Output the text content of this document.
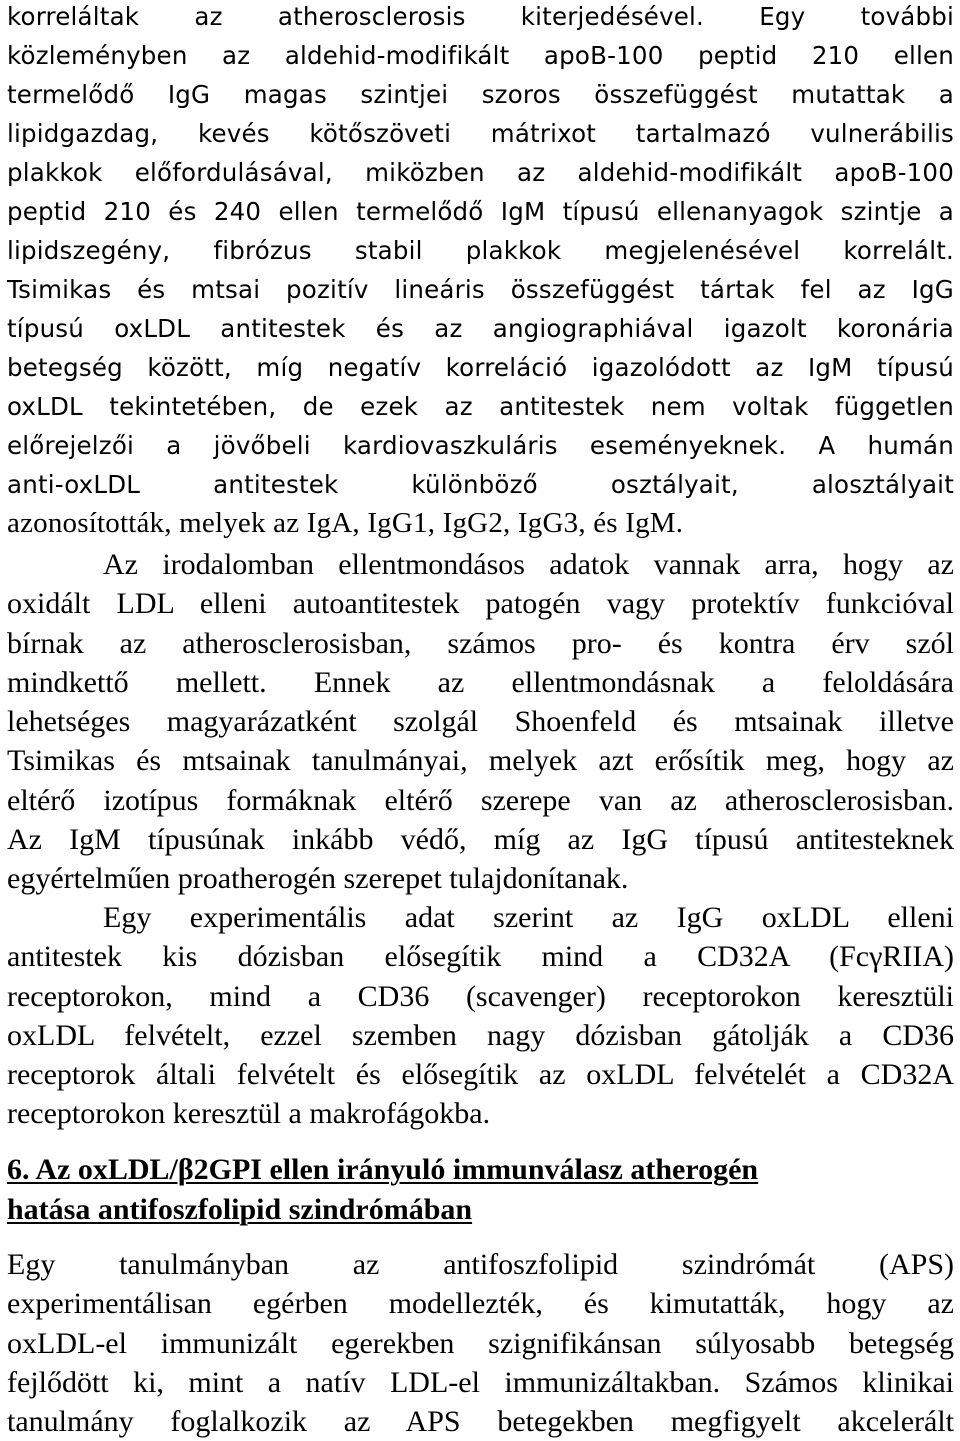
korreláltak az atherosclerosis kiterjedésével. Egy további
közleményben az aldehid-modifikált apoB-100 peptid 210 ellen
termelődő IgG magas szintjei szoros összefüggést mutattak a
lipidgazdag, kevés kötőszöveti mátrixot tartalmazó vulnerábilis
plakkok előfordulásával, miközben az aldehid-modifikált apoB-100
peptid 210 és 240 ellen termelődő IgM típusú ellenanyagok szintje a
lipidszegény, fibrózus stabil plakkok megjelenésével korrelált.
Tsimikas és mtsai pozitív lineáris összefüggést tártak fel az IgG
típusú oxLDL antitestek és az angiographiával igazolt koronária
betegség között, míg negatív korreláció igazolódott az IgM típusú
oxLDL tekintetében, de ezek az antitestek nem voltak független
előrejelzői a jövőbeli kardiovaszkuláris eseményeknek. A humán
anti-oxLDL antitestek különböző osztályait, alosztályait
azonosították, melyek az IgA, IgG1, IgG2, IgG3, és IgM.
Az irodalomban ellentmondásos adatok vannak arra, hogy az
oxidált LDL elleni autoantitestek patogén vagy protektív funkcióval
bírnak az atherosclerosisban, számos pro- és kontra érv szól
mindkettő mellett. Ennek az ellentmondásnak a feloldására
lehetséges magyarázatként szolgál Shoenfeld és mtsainak illetve
Tsimikas és mtsainak tanulmányai, melyek azt erősítik meg, hogy az
eltérő izotípus formáknak eltérő szerepe van az atherosclerosisban.
Az IgM típusúnak inkább védő, míg az IgG típusú antitesteknek
egyértelműen proatherogén szerepet tulajdonítanak.
Egy experimentális adat szerint az IgG oxLDL elleni
antitestek kis dózisban elősegítik mind a CD32A (FcγRIIA)
receptorokon, mind a CD36 (scavenger) receptorokon keresztüli
oxLDL felvételt, ezzel szemben nagy dózisban gátolják a CD36
receptorok általi felvételt és elősegítik az oxLDL felvételét a CD32A
receptorokon keresztül a makrofágokba.
6. Az oxLDL/β2GPI ellen irányuló immunválasz atherogén
hatása antifoszfolipid szindrómában
Egy tanulmányban az antifoszfolipid szindrómát (APS)
experimentálisan egérben modellezték, és kimutatták, hogy az
oxLDL-el immunizált egerekben szignifikánsan súlyosabb betegség
fejlődött ki, mint a natív LDL-el immunizáltakban. Számos klinikai
tanulmány foglalkozik az APS betegekben megfigyelt akcelerált
